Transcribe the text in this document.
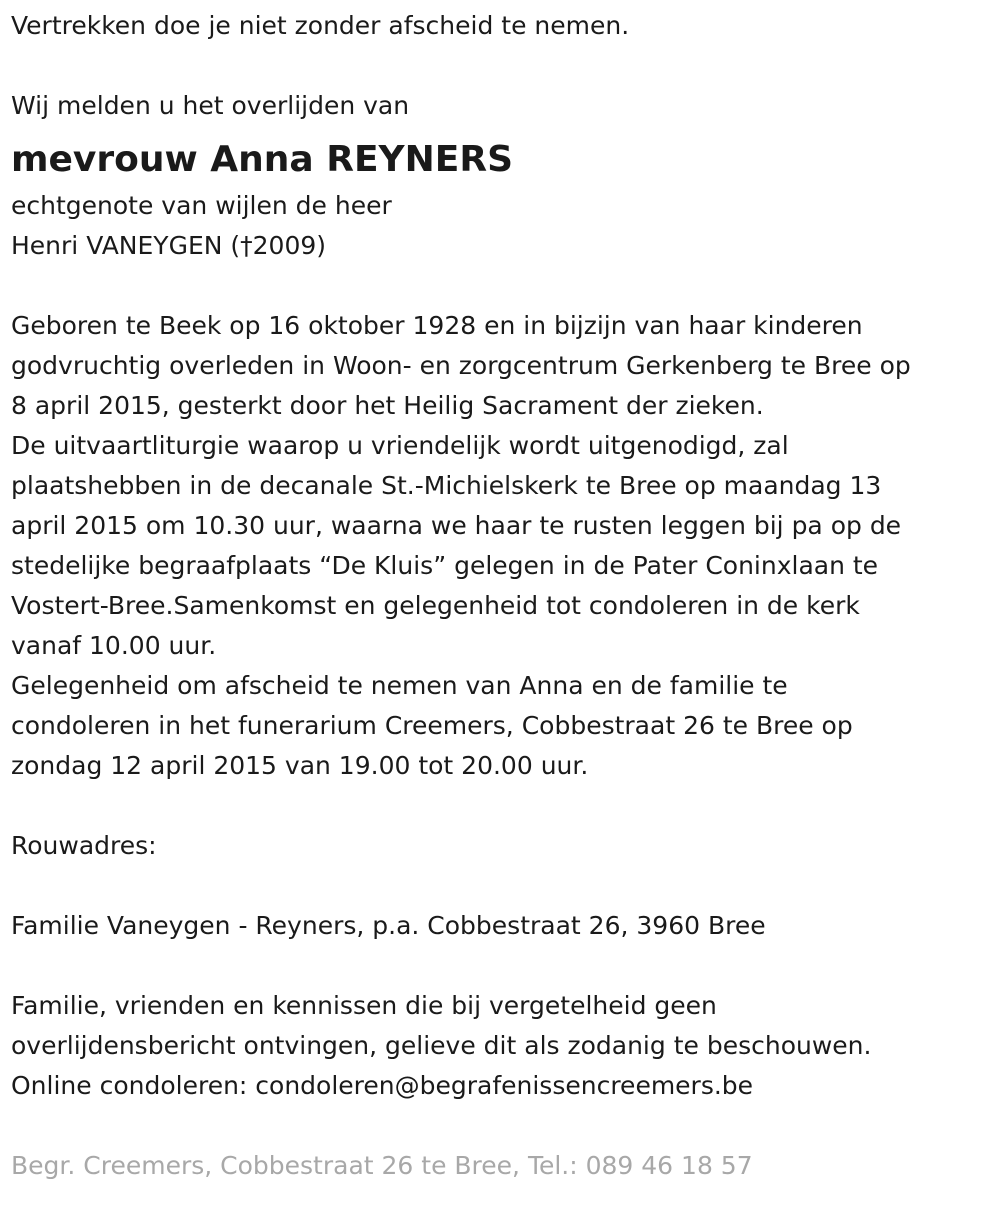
Vertrekken doe je niet zonder afscheid te nemen.
Wij melden u het overlijden van
mevrouw Anna REYNERS
echtgenote van wijlen de heer
Henri VANEYGEN (†2009)
Geboren te Beek op 16 oktober 1928 en in bijzijn van haar kinderen
godvruchtig overleden in Woon- en zorgcentrum Gerkenberg te Bree op
8 april 2015, gesterkt door het Heilig Sacrament der zieken.
De uitvaartliturgie waarop u vriendelijk wordt uitgenodigd, zal
plaatshebben in de decanale St.-Michielskerk te Bree op maandag 13
april 2015 om 10.30 uur, waarna we haar te rusten leggen bij pa op de
stedelijke begraafplaats “De Kluis” gelegen in de Pater Coninxlaan te
Vostert-Bree.Samenkomst en gelegenheid tot condoleren in de kerk
vanaf 10.00 uur.
Gelegenheid om afscheid te nemen van Anna en de familie te
condoleren in het funerarium Creemers, Cobbestraat 26 te Bree op
zondag 12 april 2015 van 19.00 tot 20.00 uur.
Rouwadres:
Familie Vaneygen - Reyners, p.a. Cobbestraat 26, 3960 Bree
Familie, vrienden en kennissen die bij vergetelheid geen
overlijdensbericht ontvingen, gelieve dit als zodanig te beschouwen.
Online condoleren: condoleren@begrafenissencreemers.be
Begr. Creemers, Cobbestraat 26 te Bree, Tel.: 089 46 18 57
